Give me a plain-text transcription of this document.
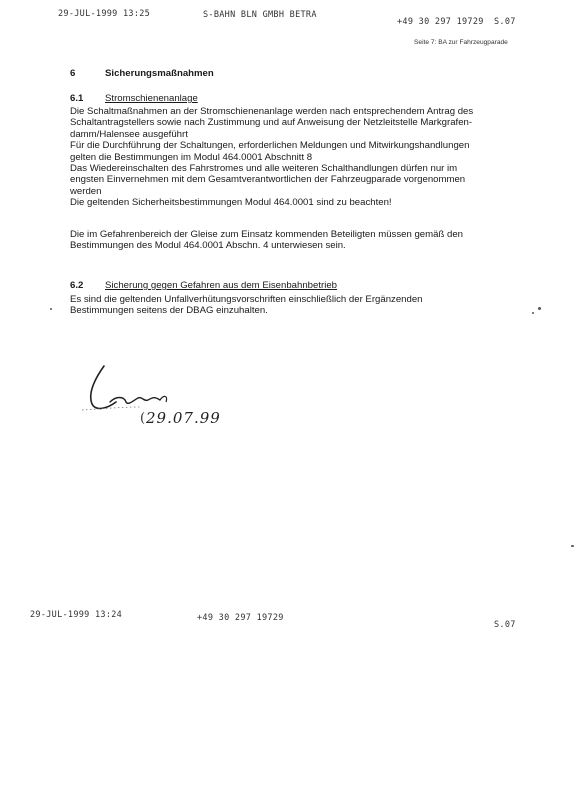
29-JUL-1999 13:25	S-BAHN BLN GMBH BETRA
+49 30 297 19729 S.07
Seite 7: BA zur Fahrzeugparade
6	Sicherungsmaßnahmen
6.1 Stromschienenanlage
Die Schaltmaßnahmen an der Stromschienenanlage werden nach entsprechendem Antrag des
Schaltantragstellers sowie nach Zustimmung und auf Anweisung der Netzleitstelle Markgrafen-
damm/Halensee ausgeführt
Für die Durchführung der Schaltungen, erforderlichen Meldungen und Mitwirkungshandlungen
gelten die Bestimmungen im Modul 464.0001 Abschnitt 8
Das Wiedereinschalten des Fahrstromes und alle weiteren Schalthandlungen dürfen nur im
engsten Einvernehmen mit dem Gesamtverantwortlichen der Fahrzeugparade vorgenommen
werden
Die geltenden Sicherheitsbestimmungen Modul 464.0001 sind zu beachten!
Die im Gefahrenbereich der Gleise zum Einsatz kommenden Beteiligten müssen gemäß den
Bestimmungen des Modul 464.0001 Abschn. 4 unterwiesen sein.
6.2 Sicherung gegen Gefahren aus dem Eisenbahnbetrieb
Es sind die geltenden Unfallverhütungsvorschriften einschließlich der Ergänzenden
Bestimmungen seitens der DBAG einzuhalten.
29.07.99
(
29-JUL-1999 13:24	+49 30 297 19729
S.07
